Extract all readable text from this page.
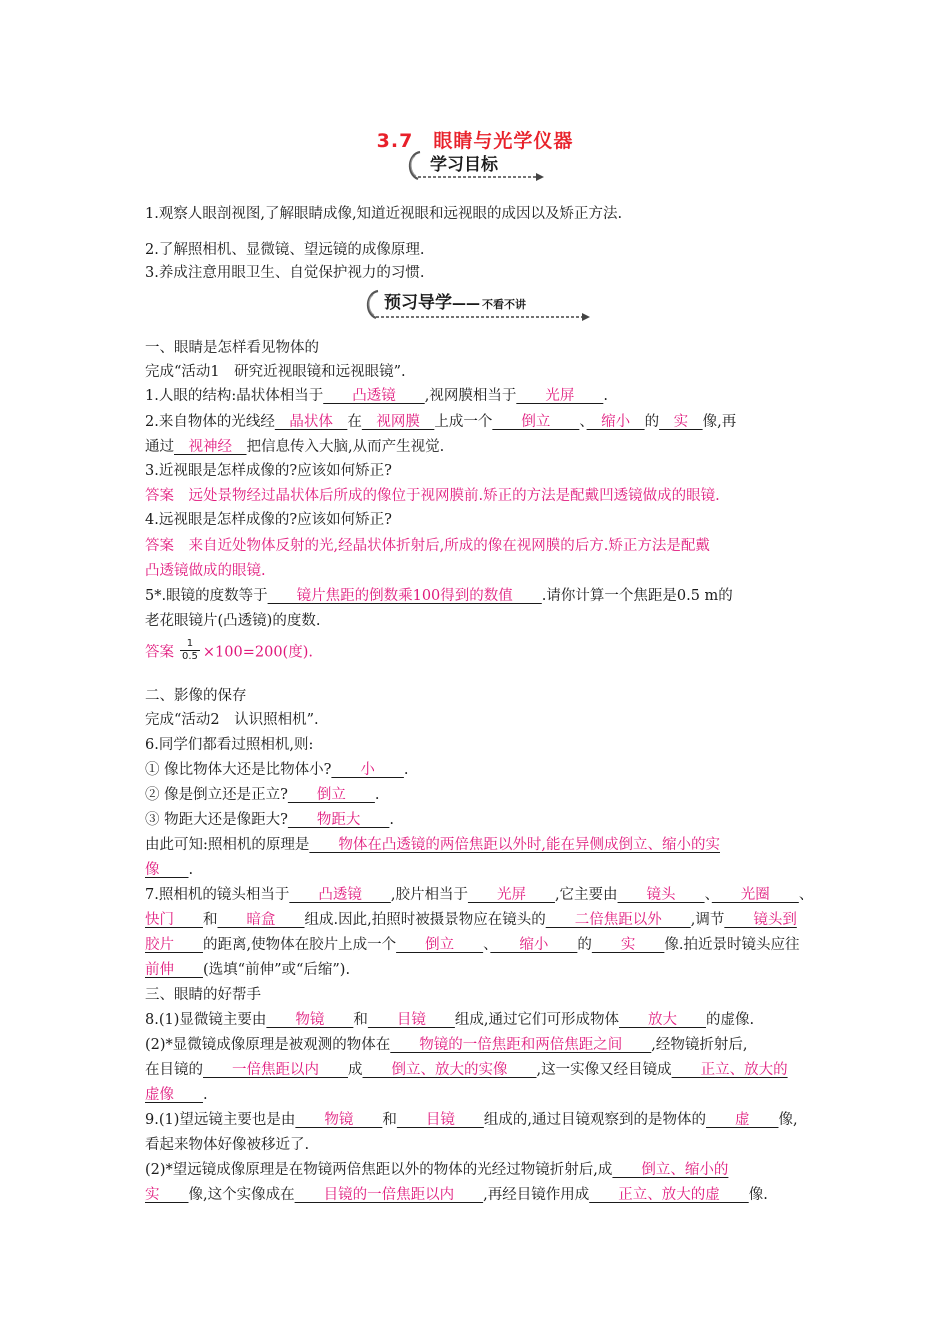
3.7　眼睛与光学仪器
学习目标
1.观察人眼剖视图,了解眼睛成像,知道近视眼和远视眼的成因以及矫正方法.
2.了解照相机、显微镜、望远镜的成像原理.
3.养成注意用眼卫生、自觉保护视力的习惯.
预习导学—— 不看不讲
一、眼睛是怎样看见物体的
完成“活动1　研究近视眼镜和远视眼镜”.
1.人眼的结构:晶状体相当于　　凸透镜　　,视网膜相当于　　光屏　　.
2.来自物体的光线经　晶状体　在　视网膜　上成一个　　倒立　　、　缩小　的　实　像,再
通过　视神经　把信息传入大脑,从而产生视觉.
3.近视眼是怎样成像的?应该如何矫正?
答案　远处景物经过晶状体后所成的像位于视网膜前.矫正的方法是配戴凹透镜做成的眼镜.
4.远视眼是怎样成像的?应该如何矫正?
答案　来自近处物体反射的光,经晶状体折射后,所成的像在视网膜的后方.矫正方法是配戴
凸透镜做成的眼镜.
5*.眼镜的度数等于　　镜片焦距的倒数乘100得到的数值　　.请你计算一个焦距是0.5 m的
老花眼镜片(凸透镜)的度数.
答案 $\frac{1}{0.5} \times 100=200$(度).
二、影像的保存
完成“活动2　认识照相机”.
6.同学们都看过照相机,则:
① 像比物体大还是比物体小?　　小　　.
② 像是倒立还是正立?　　倒立　　.
③ 物距大还是像距大?　　物距大　　.
由此可知:照相机的原理是　　物体在凸透镜的两倍焦距以外时,能在异侧成倒立、缩小的实
像　　.
7.照相机的镜头相当于　　凸透镜　　,胶片相当于　　光屏　　,它主要由　　镜头　　、　　光圈　　、
快门　　和　　暗盒　　组成.因此,拍照时被摄景物应在镜头的　　二倍焦距以外　　,调节　　镜头到
胶片　　的距离,使物体在胶片上成一个　　倒立　　、　　缩小　　的　　实　　像.拍近景时镜头应往
前伸　　(选填“前伸”或“后缩”).
三、眼睛的好帮手
8.(1)显微镜主要由　　物镜　　和　　目镜　　组成,通过它们可形成物体　　放大　　的虚像.
(2)*显微镜成像原理是被观测的物体在　　物镜的一倍焦距和两倍焦距之间　　,经物镜折射后,
在目镜的　　一倍焦距以内　　成　　倒立、放大的实像　　,这一实像又经目镜成　　正立、放大的
虚像　　.
9.(1)望远镜主要也是由　　物镜　　和　　目镜　　组成的,通过目镜观察到的是物体的　　虚　　像,
看起来物体好像被移近了.
(2)*望远镜成像原理是在物镜两倍焦距以外的物体的光经过物镜折射后,成　　倒立、缩小的
实　　像,这个实像成在　　目镜的一倍焦距以内　　,再经目镜作用成　　正立、放大的虚　　像.
